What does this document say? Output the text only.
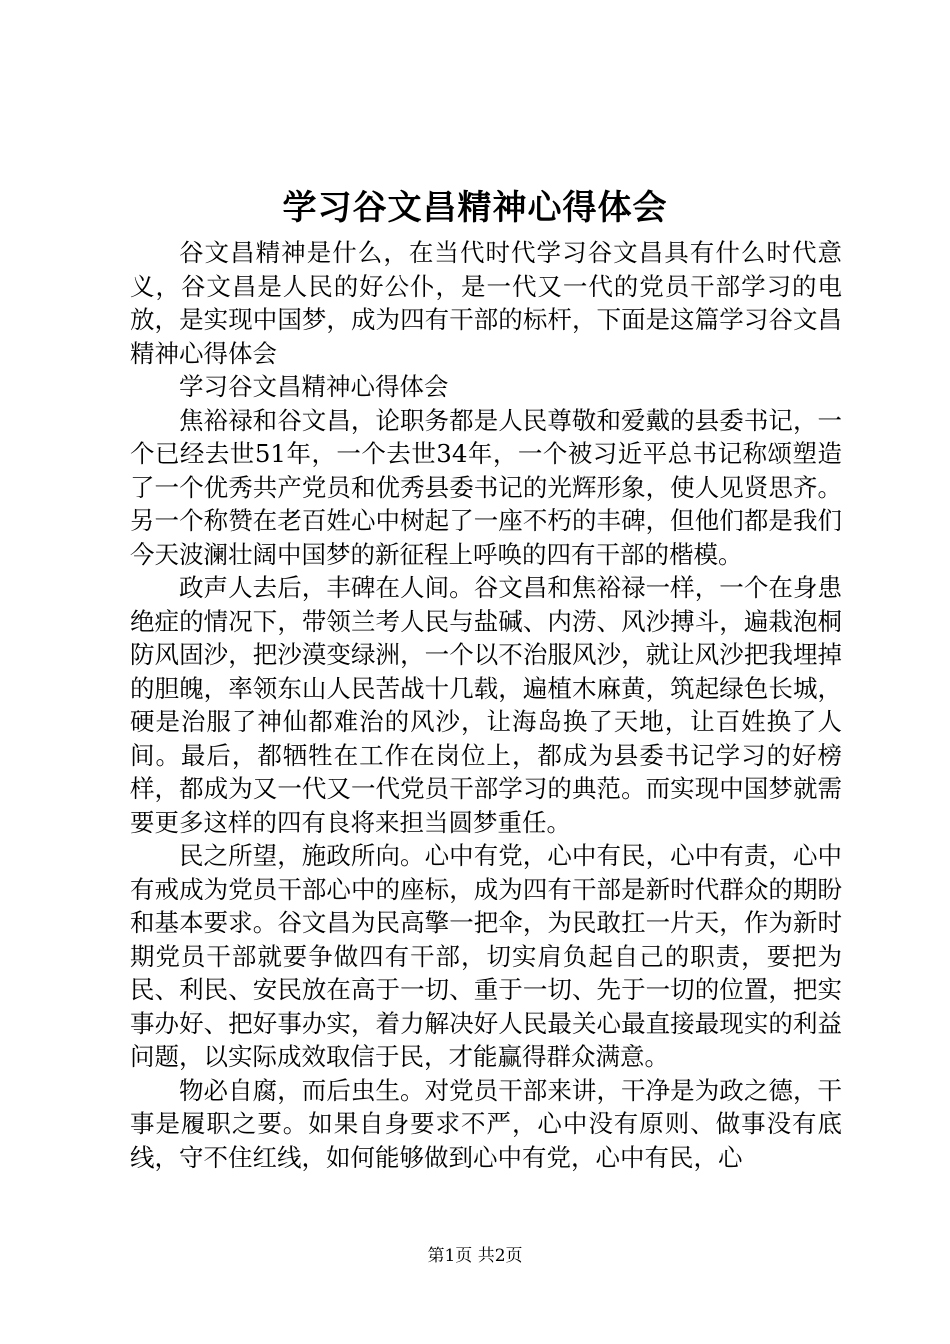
学习谷文昌精神心得体会

谷文昌精神是什么，在当代时代学习谷文昌具有什么时代意义，谷文昌是人民的好公仆，是一代又一代的党员干部学习的电放，是实现中国梦，成为四有干部的标杆，下面是这篇学习谷文昌精神心得体会

学习谷文昌精神心得体会

焦裕禄和谷文昌，论职务都是人民尊敬和爱戴的县委书记，一个已经去世51年，一个去世34年，一个被习近平总书记称颂塑造了一个优秀共产党员和优秀县委书记的光辉形象，使人见贤思齐。另一个称赞在老百姓心中树起了一座不朽的丰碑，但他们都是我们今天波澜壮阔中国梦的新征程上呼唤的四有干部的楷模。

政声人去后，丰碑在人间。谷文昌和焦裕禄一样，一个在身患绝症的情况下，带领兰考人民与盐碱、内涝、风沙搏斗，遍栽泡桐防风固沙，把沙漠变绿洲，一个以不治服风沙，就让风沙把我埋掉的胆魄，率领东山人民苦战十几载，遍植木麻黄，筑起绿色长城，硬是治服了神仙都难治的风沙，让海岛换了天地，让百姓换了人间。最后，都牺牲在工作在岗位上，都成为县委书记学习的好榜样，都成为又一代又一代党员干部学习的典范。而实现中国梦就需要更多这样的四有良将来担当圆梦重任。

民之所望，施政所向。心中有党，心中有民，心中有责，心中有戒成为党员干部心中的座标，成为四有干部是新时代群众的期盼和基本要求。谷文昌为民高擎一把伞，为民敢扛一片天，作为新时期党员干部就要争做四有干部，切实肩负起自己的职责，要把为民、利民、安民放在高于一切、重于一切、先于一切的位置，把实事办好、把好事办实，着力解决好人民最关心最直接最现实的利益问题，以实际成效取信于民，才能赢得群众满意。

物必自腐，而后虫生。对党员干部来讲，干净是为政之德，干事是履职之要。如果自身要求不严，心中没有原则、做事没有底线，守不住红线，如何能够做到心中有党，心中有民，心

第1页 共2页
